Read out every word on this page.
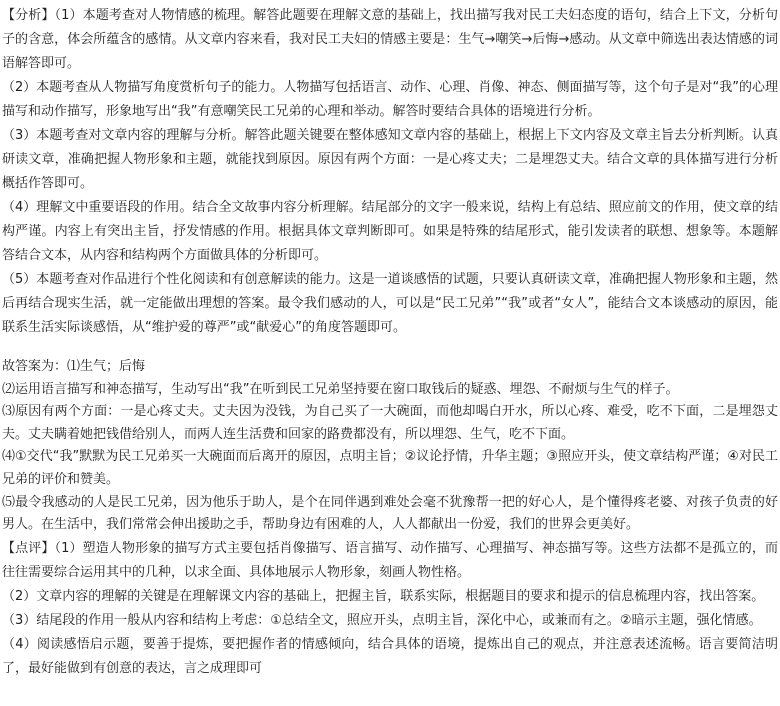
【分析】（1）本题考查对人物情感的梳理。解答此题要在理解文意的基础上，找出描写我对民工夫妇态度的语句，结合上下文，分析句子的含意，体会所蕴含的感情。从文章内容来看，我对民工夫妇的情感主要是：生气→嘲笑→后悔→感动。从文章中筛选出表达情感的词语解答即可。

（2）本题考查从人物描写角度赏析句子的能力。人物描写包括语言、动作、心理、肖像、神态、侧面描写等，这个句子是对“我”的心理描写和动作描写，形象地写出“我”有意嘲笑民工兄弟的心理和举动。解答时要结合具体的语境进行分析。

（3）本题考查对文章内容的理解与分析。解答此题关键要在整体感知文章内容的基础上，根据上下文内容及文章主旨去分析判断。认真研读文章，准确把握人物形象和主题，就能找到原因。原因有两个方面：一是心疼丈夫；二是埋怨丈夫。结合文章的具体描写进行分析概括作答即可。

（4）理解文中重要语段的作用。结合全文故事内容分析理解。结尾部分的文字一般来说，结构上有总结、照应前文的作用，使文章的结构严谨。内容上有突出主旨，抒发情感的作用。根据具体文章判断即可。如果是特殊的结尾形式，能引发读者的联想、想象等。本题解答结合文本，从内容和结构两个方面做具体的分析即可。

（5）本题考查对作品进行个性化阅读和有创意解读的能力。这是一道谈感悟的试题，只要认真研读文章，准确把握人物形象和主题，然后再结合现实生活，就一定能做出理想的答案。最令我们感动的人，可以是“民工兄弟”“我”或者“女人”，能结合文本谈感动的原因，能联系生活实际谈感悟，从“维护爱的尊严”或“献爱心”的角度答题即可。

故答案为：⑴生气；后悔

⑵运用语言描写和神态描写，生动写出“我”在听到民工兄弟坚持要在窗口取钱后的疑惑、埋怨、不耐烦与生气的样子。

⑶原因有两个方面：一是心疼丈夫。丈夫因为没钱，为自己买了一大碗面，而他却喝白开水，所以心疼、难受，吃不下面，二是埋怨丈夫。丈夫瞒着她把钱借给别人，而两人连生活费和回家的路费都没有，所以埋怨、生气，吃不下面。

⑷①交代“我”默默为民工兄弟买一大碗面而后离开的原因，点明主旨；②议论抒情，升华主题；③照应开头，使文章结构严谨；④对民工兄弟的评价和赞美。

⑸最令我感动的人是民工兄弟，因为他乐于助人，是个在同伴遇到难处会毫不犹豫帮一把的好心人，是个懂得疼老婆、对孩子负责的好男人。在生活中，我们常常会伸出援助之手，帮助身边有困难的人，人人都献出一份爱，我们的世界会更美好。

【点评】（1）塑造人物形象的描写方式主要包括肖像描写、语言描写、动作描写、心理描写、神态描写等。这些方法都不是孤立的，而往往需要综合运用其中的几种，以求全面、具体地展示人物形象，刻画人物性格。

（2）文章内容的理解的关键是在理解课文内容的基础上，把握主旨，联系实际，根据题目的要求和提示的信息梳理内容，找出答案。

（3）结尾段的作用一般从内容和结构上考虑：①总结全文，照应开头，点明主旨，深化中心，或兼而有之。②暗示主题，强化情感。

（4）阅读感悟启示题，要善于提炼，要把握作者的情感倾向，结合具体的语境，提炼出自己的观点，并注意表述流畅。语言要简洁明了，最好能做到有创意的表达，言之成理即可
